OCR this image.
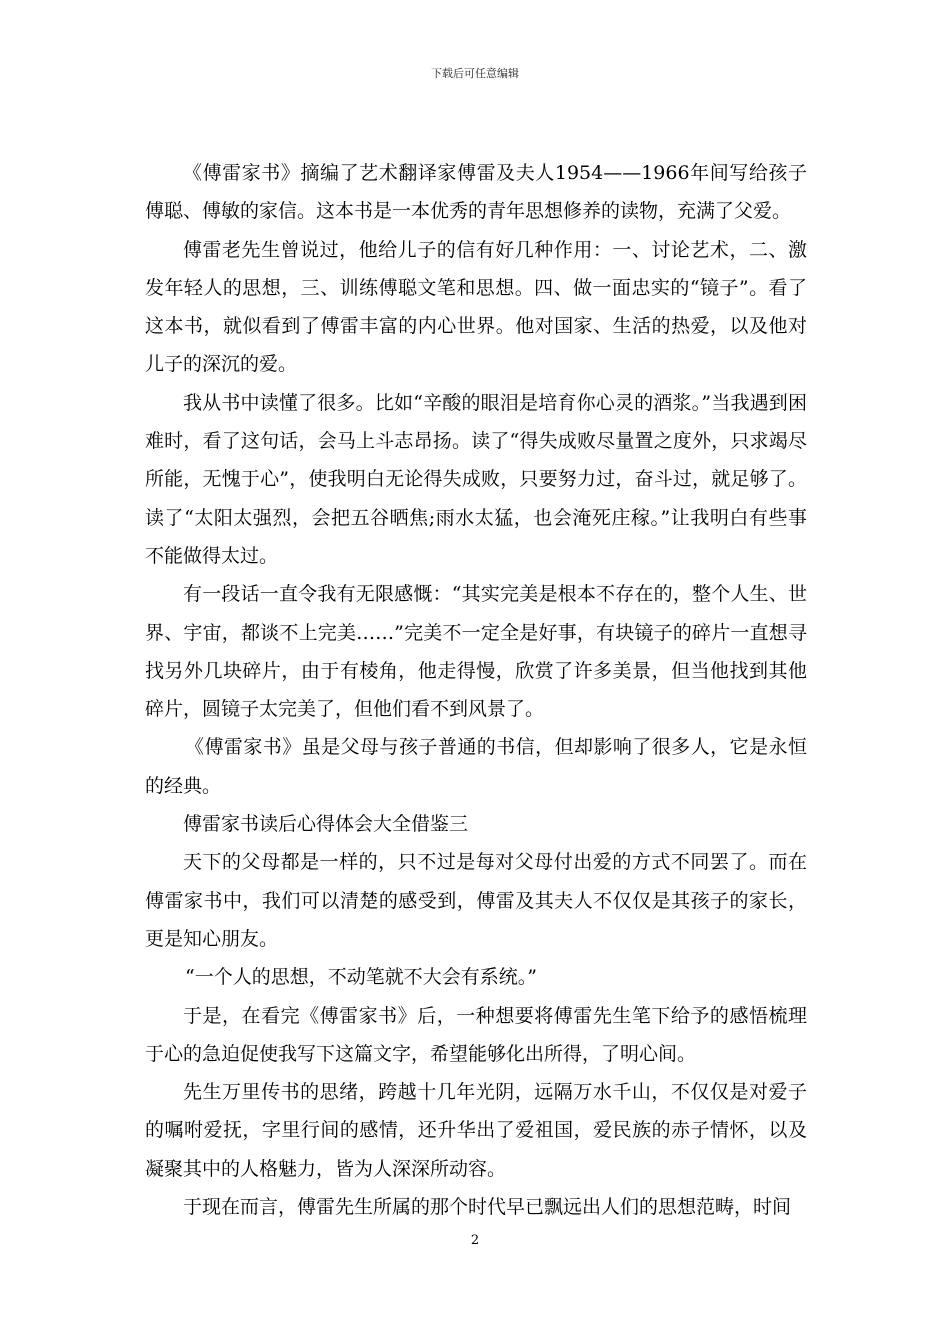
下载后可任意编辑

《傅雷家书》摘编了艺术翻译家傅雷及夫人1954——1966年间写给孩子傅聪、傅敏的家信。这本书是一本优秀的青年思想修养的读物，充满了父爱。

傅雷老先生曾说过，他给儿子的信有好几种作用：一、讨论艺术，二、激发年轻人的思想，三、训练傅聪文笔和思想。四、做一面忠实的“镜子”。看了这本书，就似看到了傅雷丰富的内心世界。他对国家、生活的热爱，以及他对儿子的深沉的爱。

我从书中读懂了很多。比如“辛酸的眼泪是培育你心灵的酒浆。”当我遇到困难时，看了这句话，会马上斗志昂扬。读了“得失成败尽量置之度外，只求竭尽所能，无愧于心”，使我明白无论得失成败，只要努力过，奋斗过，就足够了。读了“太阳太强烈，会把五谷晒焦;雨水太猛，也会淹死庄稼。”让我明白有些事不能做得太过。

有一段话一直令我有无限感慨：“其实完美是根本不存在的，整个人生、世界、宇宙，都谈不上完美……”完美不一定全是好事，有块镜子的碎片一直想寻找另外几块碎片，由于有棱角，他走得慢，欣赏了许多美景，但当他找到其他碎片，圆镜子太完美了，但他们看不到风景了。

《傅雷家书》虽是父母与孩子普通的书信，但却影响了很多人，它是永恒的经典。

傅雷家书读后心得体会大全借鉴三

天下的父母都是一样的，只不过是每对父母付出爱的方式不同罢了。而在傅雷家书中，我们可以清楚的感受到，傅雷及其夫人不仅仅是其孩子的家长，更是知心朋友。

“一个人的思想，不动笔就不大会有系统。”

于是，在看完《傅雷家书》后，一种想要将傅雷先生笔下给予的感悟梳理于心的急迫促使我写下这篇文字，希望能够化出所得，了明心间。

先生万里传书的思绪，跨越十几年光阴，远隔万水千山，不仅仅是对爱子的嘱咐爱抚，字里行间的感情，还升华出了爱祖国，爱民族的赤子情怀，以及凝聚其中的人格魅力，皆为人深深所动容。

于现在而言，傅雷先生所属的那个时代早已飘远出人们的思想范畴，时间

2
